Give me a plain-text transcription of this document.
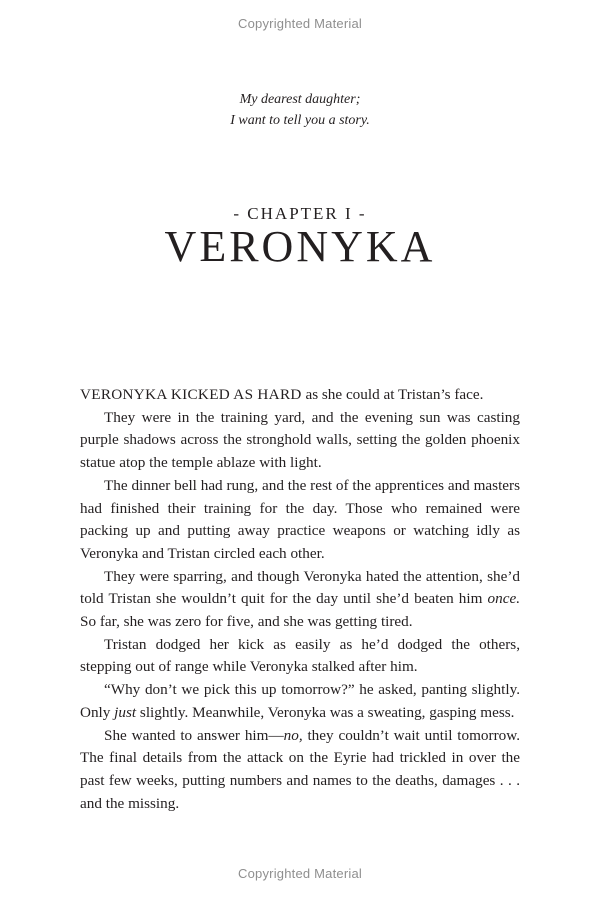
Copyrighted Material
My dearest daughter;
I want to tell you a story.
- CHAPTER I -
VERONYKA

VERONYKA KICKED AS HARD as she could at Tristan’s face.

They were in the training yard, and the evening sun was casting purple shadows across the stronghold walls, setting the golden phoenix statue atop the temple ablaze with light.

The dinner bell had rung, and the rest of the apprentices and masters had finished their training for the day. Those who remained were packing up and putting away practice weapons or watching idly as Veronyka and Tristan circled each other.

They were sparring, and though Veronyka hated the attention, she’d told Tristan she wouldn’t quit for the day until she’d beaten him once. So far, she was zero for five, and she was getting tired.

Tristan dodged her kick as easily as he’d dodged the others, stepping out of range while Veronyka stalked after him.

“Why don’t we pick this up tomorrow?” he asked, panting slightly. Only just slightly. Meanwhile, Veronyka was a sweating, gasping mess.

She wanted to answer him—no, they couldn’t wait until tomorrow. The final details from the attack on the Eyrie had trickled in over the past few weeks, putting numbers and names to the deaths, damages . . . and the missing.

Copyrighted Material
